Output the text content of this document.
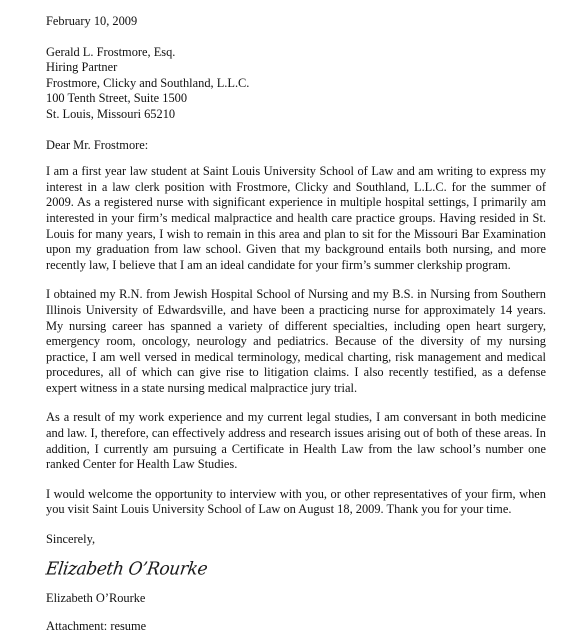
February 10, 2009
Gerald L. Frostmore, Esq.
Hiring Partner
Frostmore, Clicky and Southland, L.L.C.
100 Tenth Street, Suite 1500
St. Louis, Missouri 65210
Dear Mr. Frostmore:

I am a first year law student at Saint Louis University School of Law and am writing to express my interest in a law clerk position with Frostmore, Clicky and Southland, L.L.C. for the summer of 2009. As a registered nurse with significant experience in multiple hospital settings, I primarily am interested in your firm’s medical malpractice and health care practice groups. Having resided in St. Louis for many years, I wish to remain in this area and plan to sit for the Missouri Bar Examination upon my graduation from law school. Given that my background entails both nursing, and more recently law, I believe that I am an ideal candidate for your firm’s summer clerkship program.

I obtained my R.N. from Jewish Hospital School of Nursing and my B.S. in Nursing from Southern Illinois University of Edwardsville, and have been a practicing nurse for approximately 14 years. My nursing career has spanned a variety of different specialties, including open heart surgery, emergency room, oncology, neurology and pediatrics. Because of the diversity of my nursing practice, I am well versed in medical terminology, medical charting, risk management and medical procedures, all of which can give rise to litigation claims. I also recently testified, as a defense expert witness in a state nursing medical malpractice jury trial.

As a result of my work experience and my current legal studies, I am conversant in both medicine and law. I, therefore, can effectively address and research issues arising out of both of these areas. In addition, I currently am pursuing a Certificate in Health Law from the law school’s number one ranked Center for Health Law Studies.

I would welcome the opportunity to interview with you, or other representatives of your firm, when you visit Saint Louis University School of Law on August 18, 2009. Thank you for your time.

Sincerely,
Elizabeth O’Rourke
Elizabeth O’Rourke
Attachment: resume
